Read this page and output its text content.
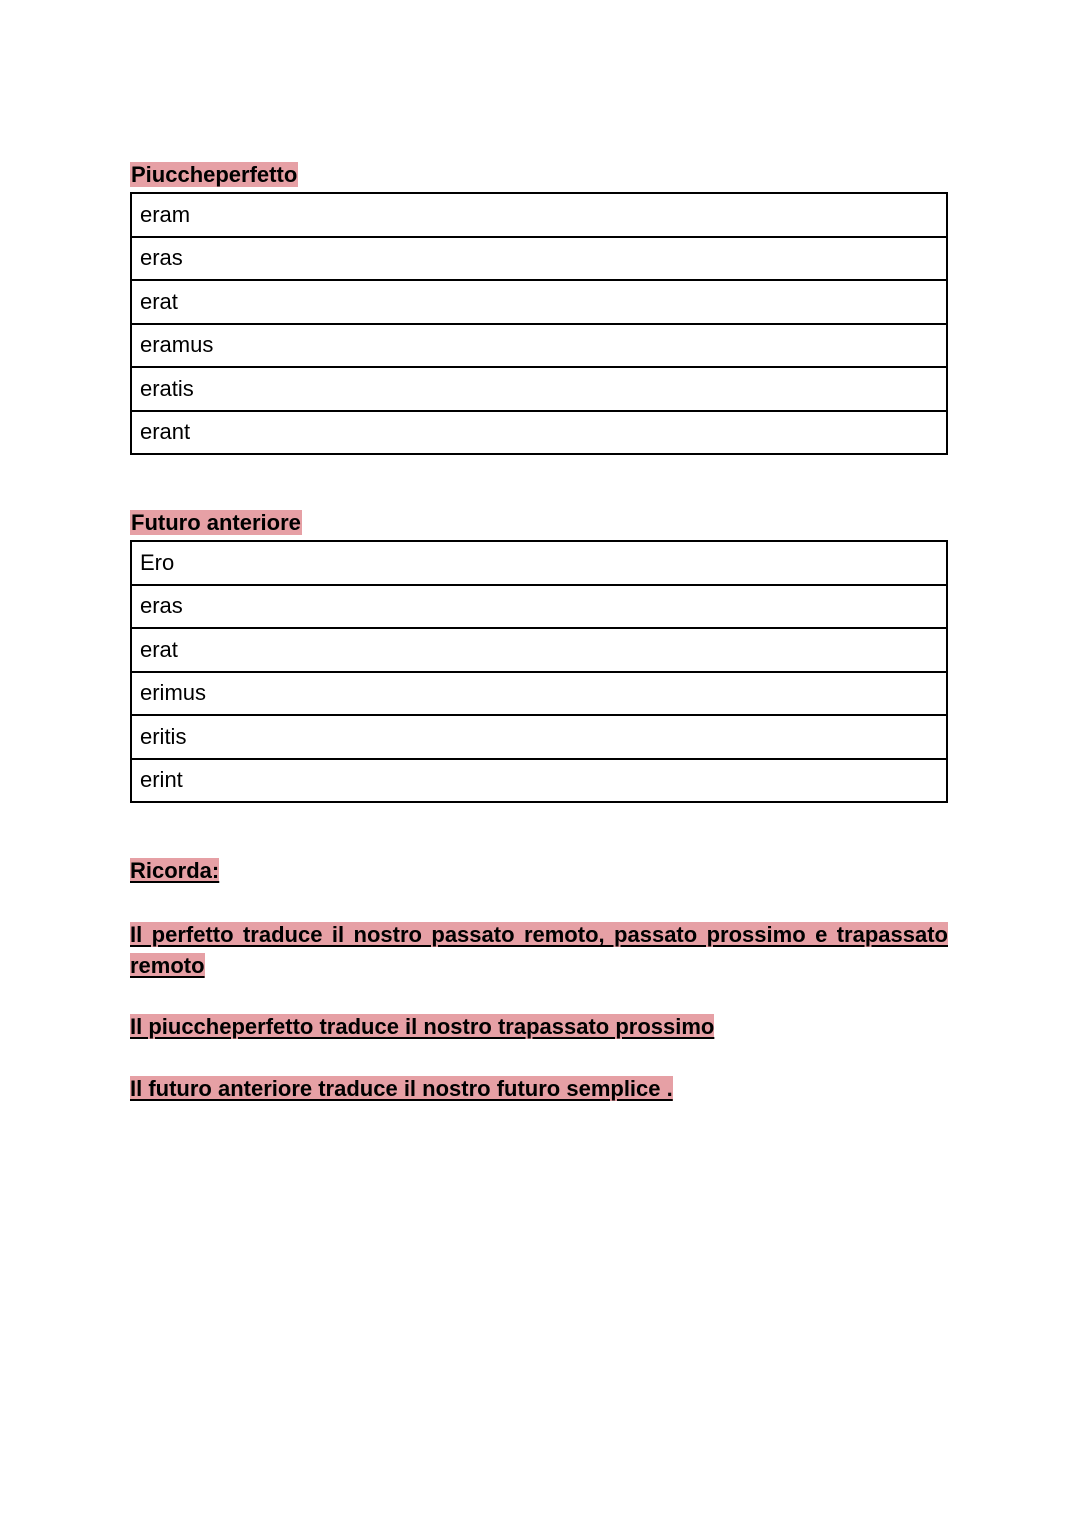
Piuccheperfetto
eram
eras
erat
eramus
eratis
erant
Futuro anteriore
Ero
eras
erat
erimus
eritis
erint
Ricorda:
Il perfetto traduce il nostro passato remoto, passato prossimo e trapassato remoto
Il piuccheperfetto traduce il nostro trapassato prossimo
Il futuro anteriore traduce il nostro futuro semplice .
